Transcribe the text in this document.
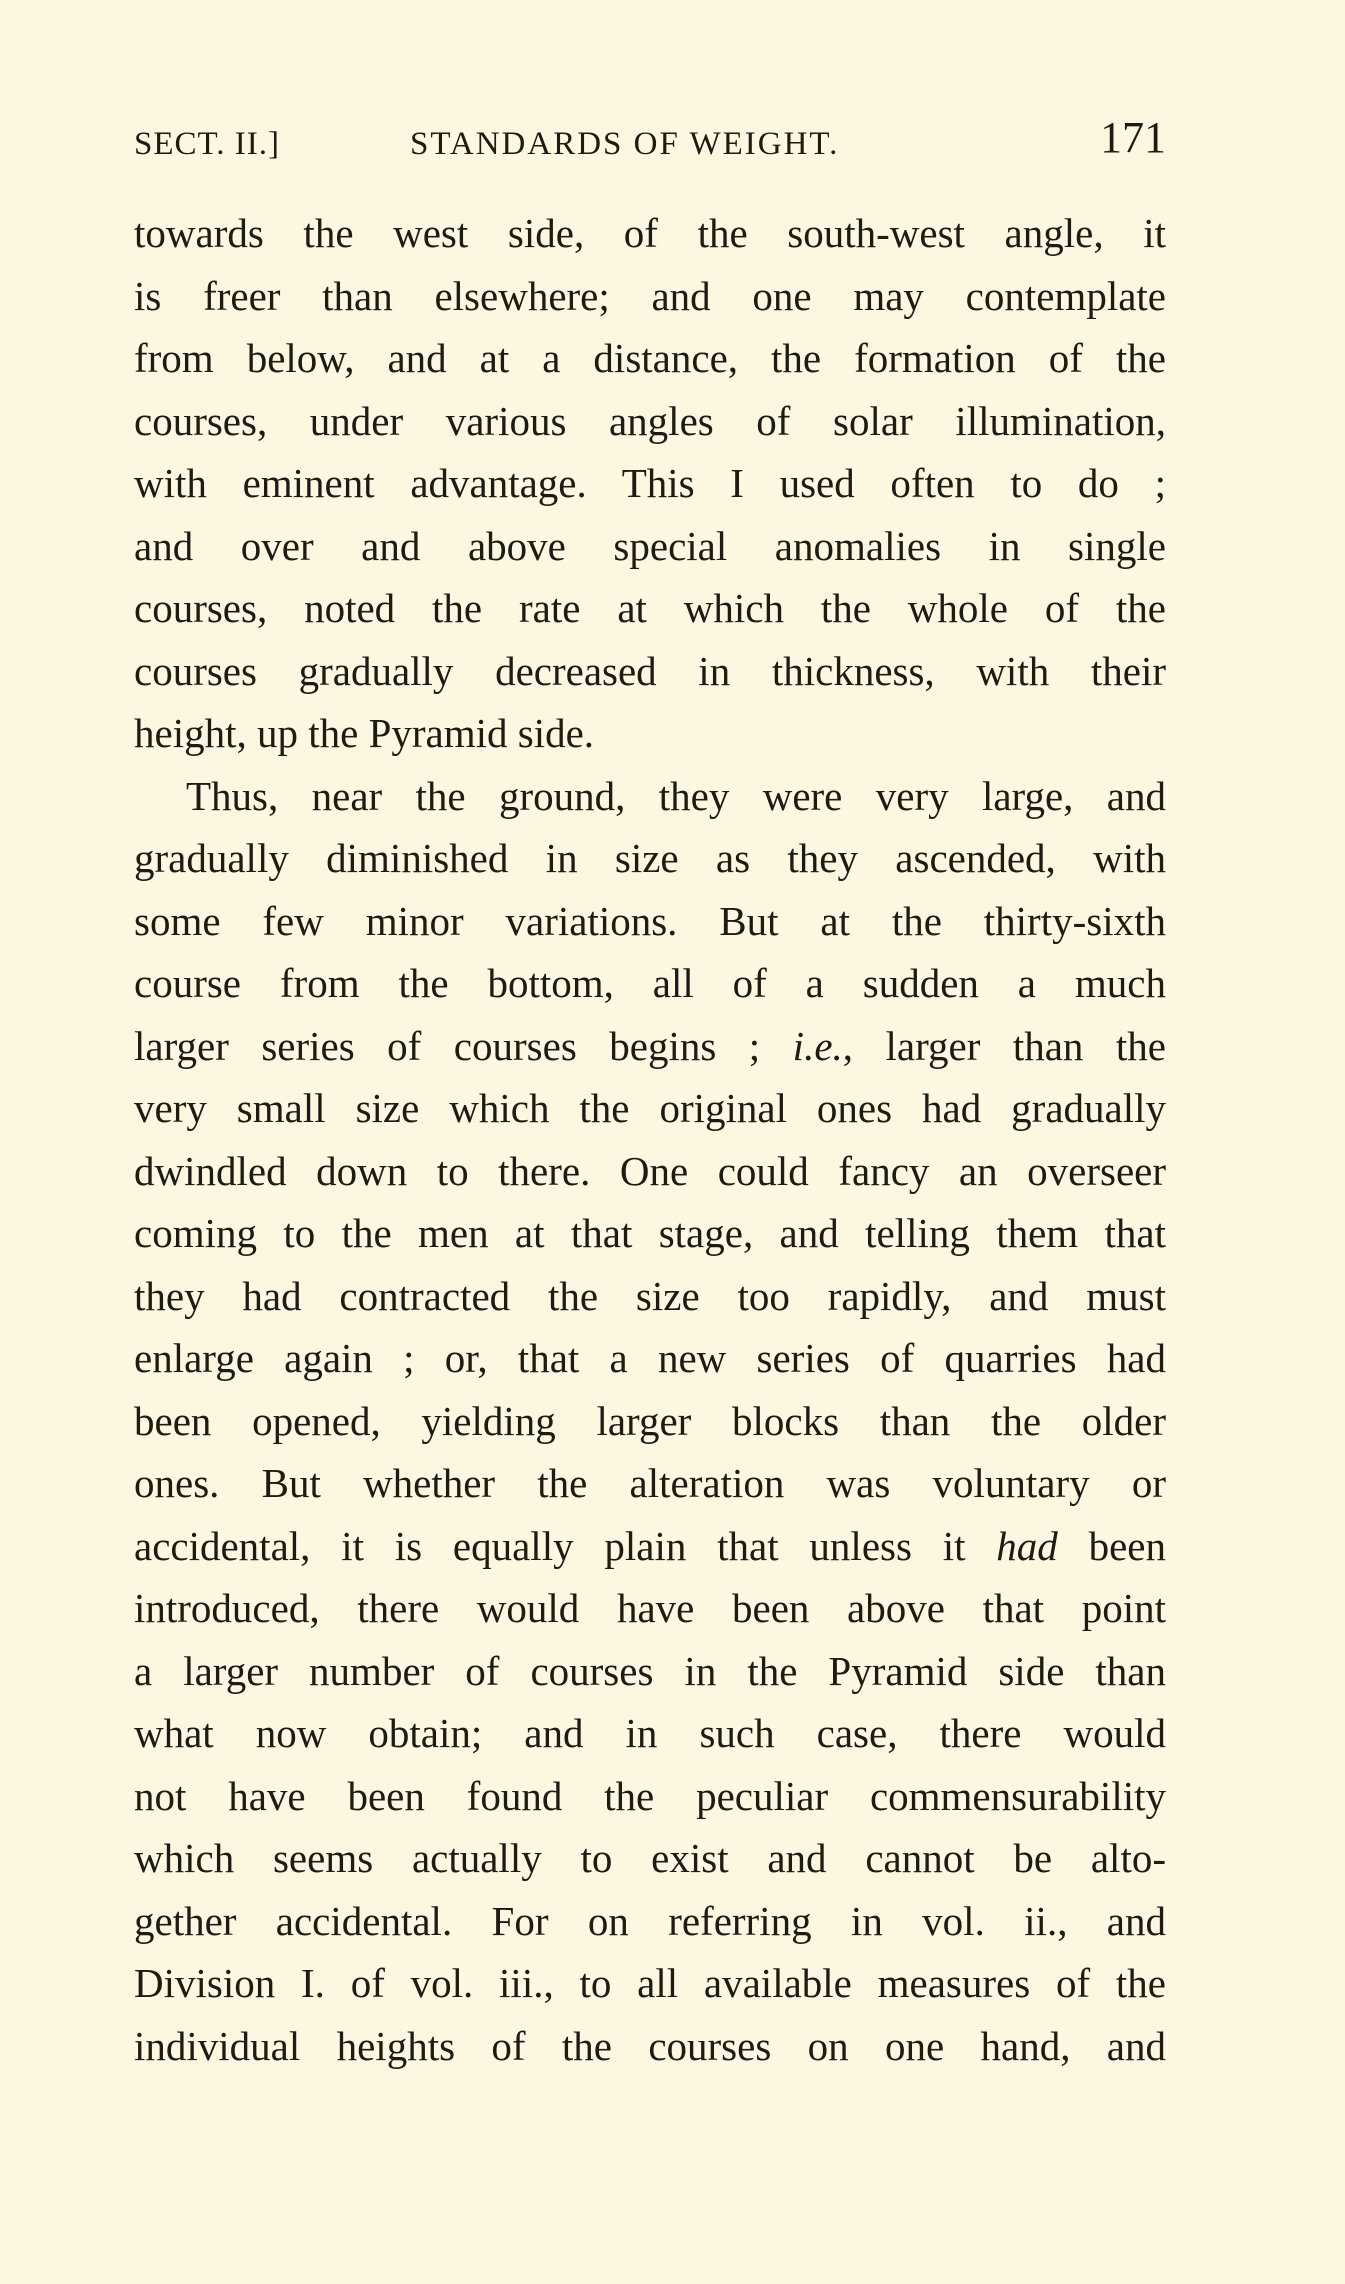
SECT. II.]	STANDARDS OF WEIGHT.	171
towards the west side, of the south-west angle, it
is freer than elsewhere; and one may contemplate
from below, and at a distance, the formation of the
courses, under various angles of solar illumination,
with eminent advantage. This I used often to do ;
and over and above special anomalies in single
courses, noted the rate at which the whole of the
courses gradually decreased in thickness, with their
height, up the Pyramid side.
Thus, near the ground, they were very large, and
gradually diminished in size as they ascended, with
some few minor variations. But at the thirty-sixth
course from the bottom, all of a sudden a much
larger series of courses begins ; i.e., larger than the
very small size which the original ones had gradually
dwindled down to there. One could fancy an overseer
coming to the men at that stage, and telling them that
they had contracted the size too rapidly, and must
enlarge again ; or, that a new series of quarries had
been opened, yielding larger blocks than the older
ones. But whether the alteration was voluntary or
accidental, it is equally plain that unless it had been
introduced, there would have been above that point
a larger number of courses in the Pyramid side than
what now obtain; and in such case, there would
not have been found the peculiar commensurability
which seems actually to exist and cannot be alto-
gether accidental. For on referring in vol. ii., and
Division I. of vol. iii., to all available measures of the
individual heights of the courses on one hand, and
